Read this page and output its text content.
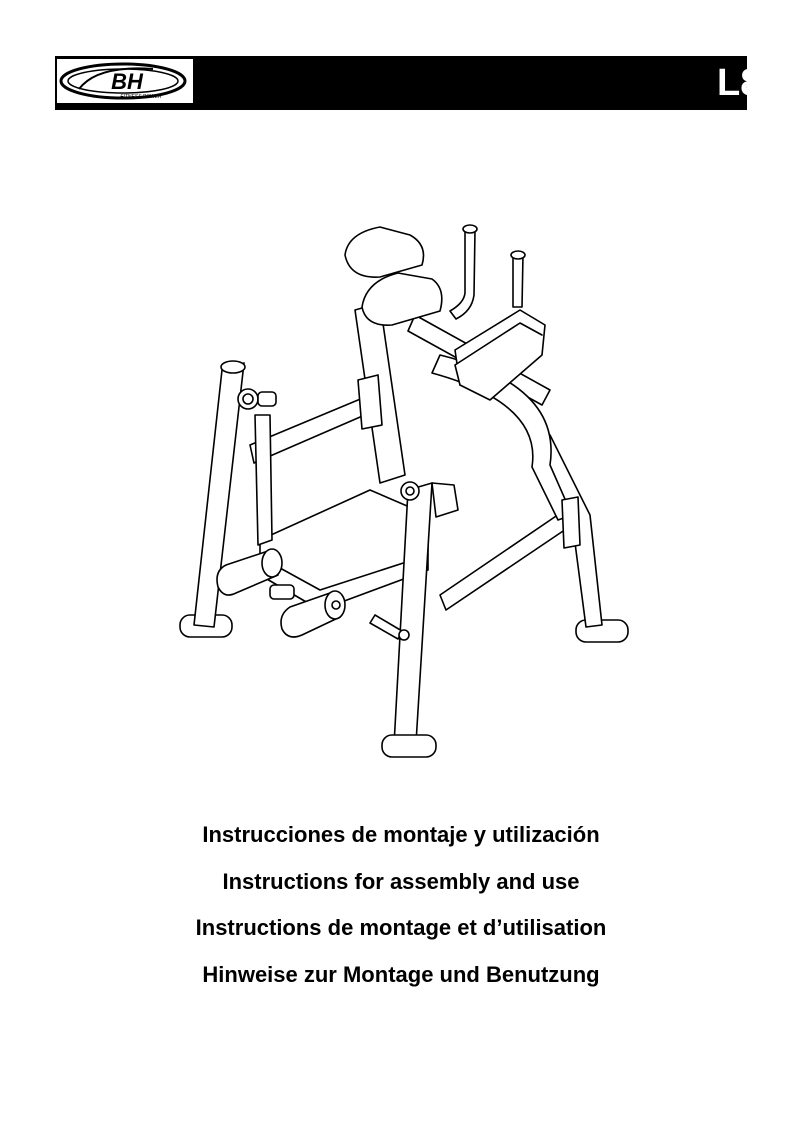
BH
FITNESS POWER	L8

Instrucciones de montaje y utilización

Instructions for assembly and use

Instructions de montage et d’utilisation

Hinweise zur Montage und Benutzung
